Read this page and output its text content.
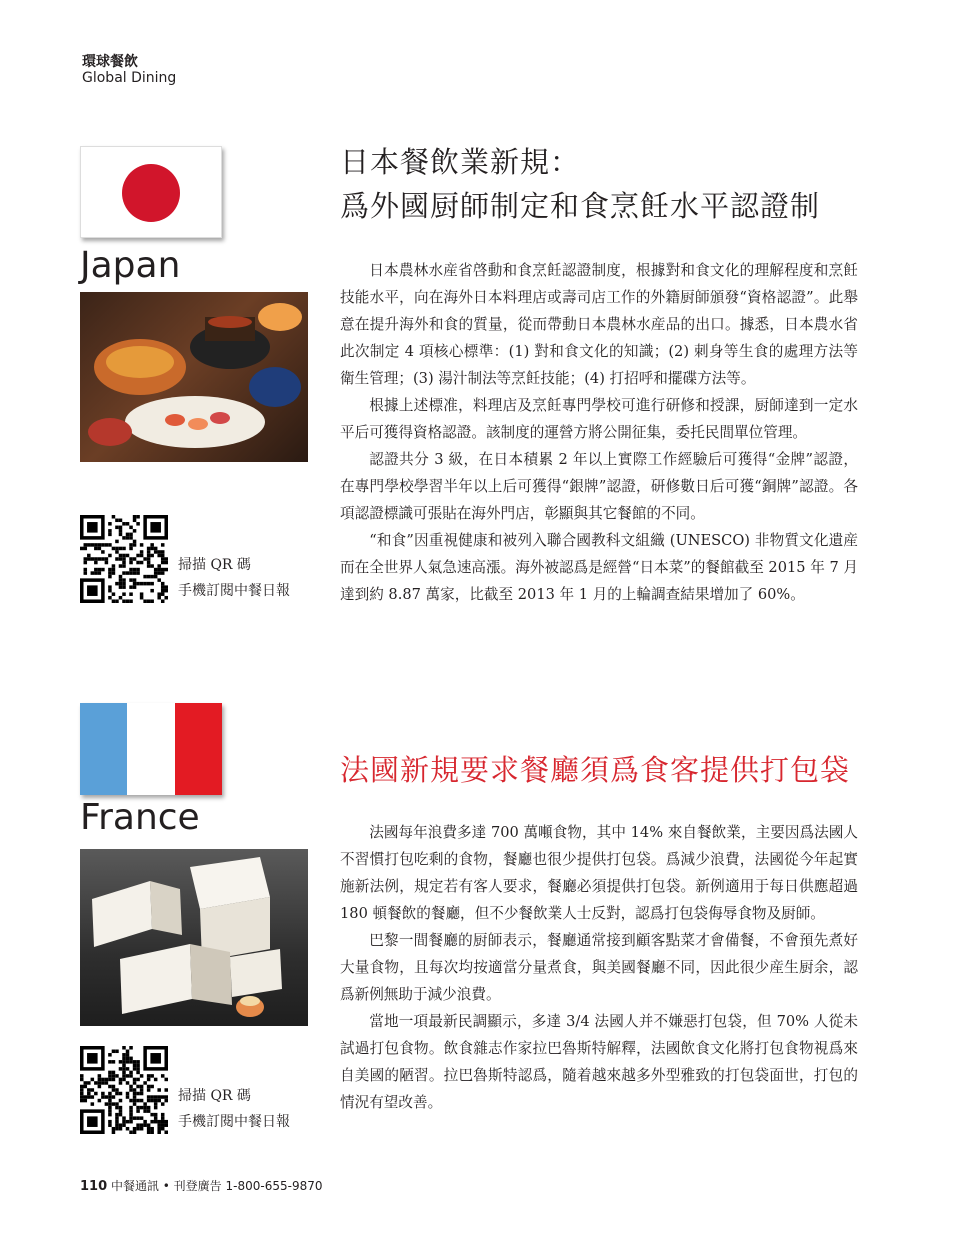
環球餐飲
Global Dining
Japan
掃描 QR 碼
手機訂閱中餐日報
日本餐飲業新規：
爲外國厨師制定和食烹飪水平認證制

日本農林水産省啓動和食烹飪認證制度，根據對和食文化的理解程度和烹飪技能水平，向在海外日本料理店或壽司店工作的外籍厨師頒發“資格認證”。此舉意在提升海外和食的質量，從而帶動日本農林水産品的出口。據悉，日本農水省此次制定 4 項核心標準：(1) 對和食文化的知識；(2) 刺身等生食的處理方法等衛生管理；(3) 湯汁制法等烹飪技能；(4) 打招呼和擺碟方法等。

根據上述標准，料理店及烹飪專門學校可進行研修和授課，厨師達到一定水平后可獲得資格認證。該制度的運營方將公開征集，委托民間單位管理。

認證共分 3 級，在日本積累 2 年以上實際工作經驗后可獲得“金牌”認證，在專門學校學習半年以上后可獲得“銀牌”認證，研修數日后可獲“銅牌”認證。各項認證標識可張貼在海外門店，彰顯與其它餐館的不同。

“和食”因重視健康和被列入聯合國教科文組織 (UNESCO) 非物質文化遺産而在全世界人氣急速高漲。海外被認爲是經營“日本菜”的餐館截至 2015 年 7 月達到約 8.87 萬家，比截至 2013 年 1 月的上輪調查結果增加了 60%。

France
掃描 QR 碼
手機訂閱中餐日報
法國新規要求餐廳須爲食客提供打包袋

法國每年浪費多達 700 萬噸食物，其中 14% 來自餐飲業，主要因爲法國人不習慣打包吃剩的食物，餐廳也很少提供打包袋。爲減少浪費，法國從今年起實施新法例，規定若有客人要求，餐廳必須提供打包袋。新例適用于每日供應超過 180 頓餐飲的餐廳，但不少餐飲業人士反對，認爲打包袋侮辱食物及厨師。

巴黎一間餐廳的厨師表示，餐廳通常接到顧客點菜才會備餐，不會預先煮好大量食物，且每次均按適當分量煮食，與美國餐廳不同，因此很少産生厨余，認爲新例無助于減少浪費。

當地一項最新民調顯示，多達 3/4 法國人并不嫌惡打包袋，但 70% 人從未試過打包食物。飲食雜志作家拉巴魯斯特解釋，法國飲食文化將打包食物視爲來自美國的陋習。拉巴魯斯特認爲，隨着越來越多外型雅致的打包袋面世，打包的情況有望改善。

110 中餐通訊 • 刊登廣告 1-800-655-9870
